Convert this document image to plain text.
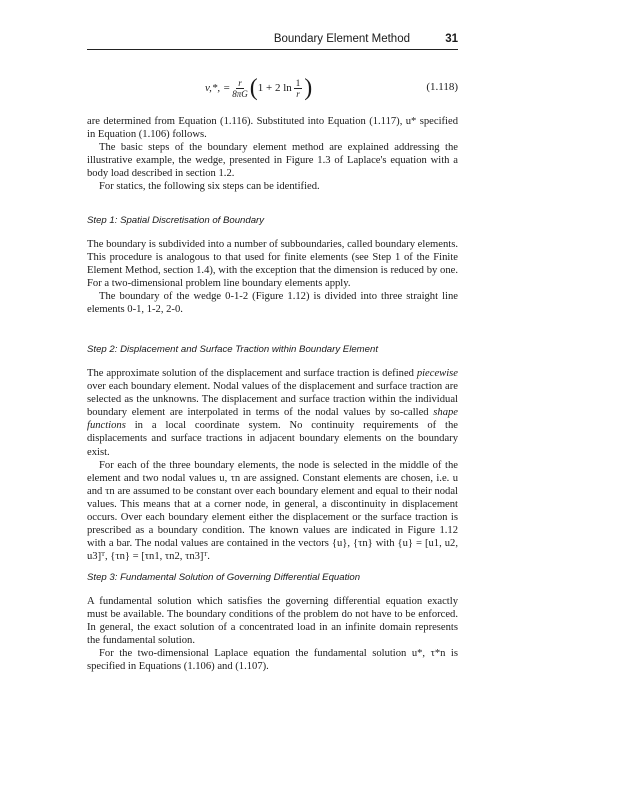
Boundary Element Method	31
v,*, = $\frac{r}{8\pi G}$ ( 1 + 2 $\ln \frac{1}{r}$ )	(1.118)

are determined from Equation (1.116). Substituted into Equation (1.117), u* specified in Equation (1.106) follows.

The basic steps of the boundary element method are explained addressing the illustrative example, the wedge, presented in Figure 1.3 of Laplace's equation with a body load described in section 1.2.

For statics, the following six steps can be identified.

Step 1: Spatial Discretisation of Boundary

The boundary is subdivided into a number of subboundaries, called boundary elements. This procedure is analogous to that used for finite elements (see Step 1 of the Finite Element Method, section 1.4), with the exception that the dimension is reduced by one. For a two-dimensional problem line boundary elements apply.

The boundary of the wedge 0-1-2 (Figure 1.12) is divided into three straight line elements 0-1, 1-2, 2-0.

Step 2: Displacement and Surface Traction within Boundary Element

The approximate solution of the displacement and surface traction is defined piecewise over each boundary element. Nodal values of the displacement and surface traction are selected as the unknowns. The displacement and surface traction within the individual boundary element are interpolated in terms of the nodal values by so-called shape functions in a local coordinate system. No continuity requirements of the displacements and surface tractions in adjacent boundary elements on the boundary exist.

For each of the three boundary elements, the node is selected in the middle of the element and two nodal values u, τn are assigned. Constant elements are chosen, i.e. u and τn are assumed to be constant over each boundary element and equal to their nodal values. This means that at a corner node, in general, a discontinuity in displacement occurs. Over each boundary element either the displacement or the surface traction is prescribed as a boundary condition. The known values are indicated in Figure 1.12 with a bar. The nodal values are contained in the vectors {u}, {τn} with {u} = [u1, u2, u3]ᵀ, {τn} = [τn1, τn2, τn3]ᵀ.

Step 3: Fundamental Solution of Governing Differential Equation

A fundamental solution which satisfies the governing differential equation exactly must be available. The boundary conditions of the problem do not have to be enforced. In general, the exact solution of a concentrated load in an infinite domain represents the fundamental solution.

For the two-dimensional Laplace equation the fundamental solution u*, τ*n is specified in Equations (1.106) and (1.107).
